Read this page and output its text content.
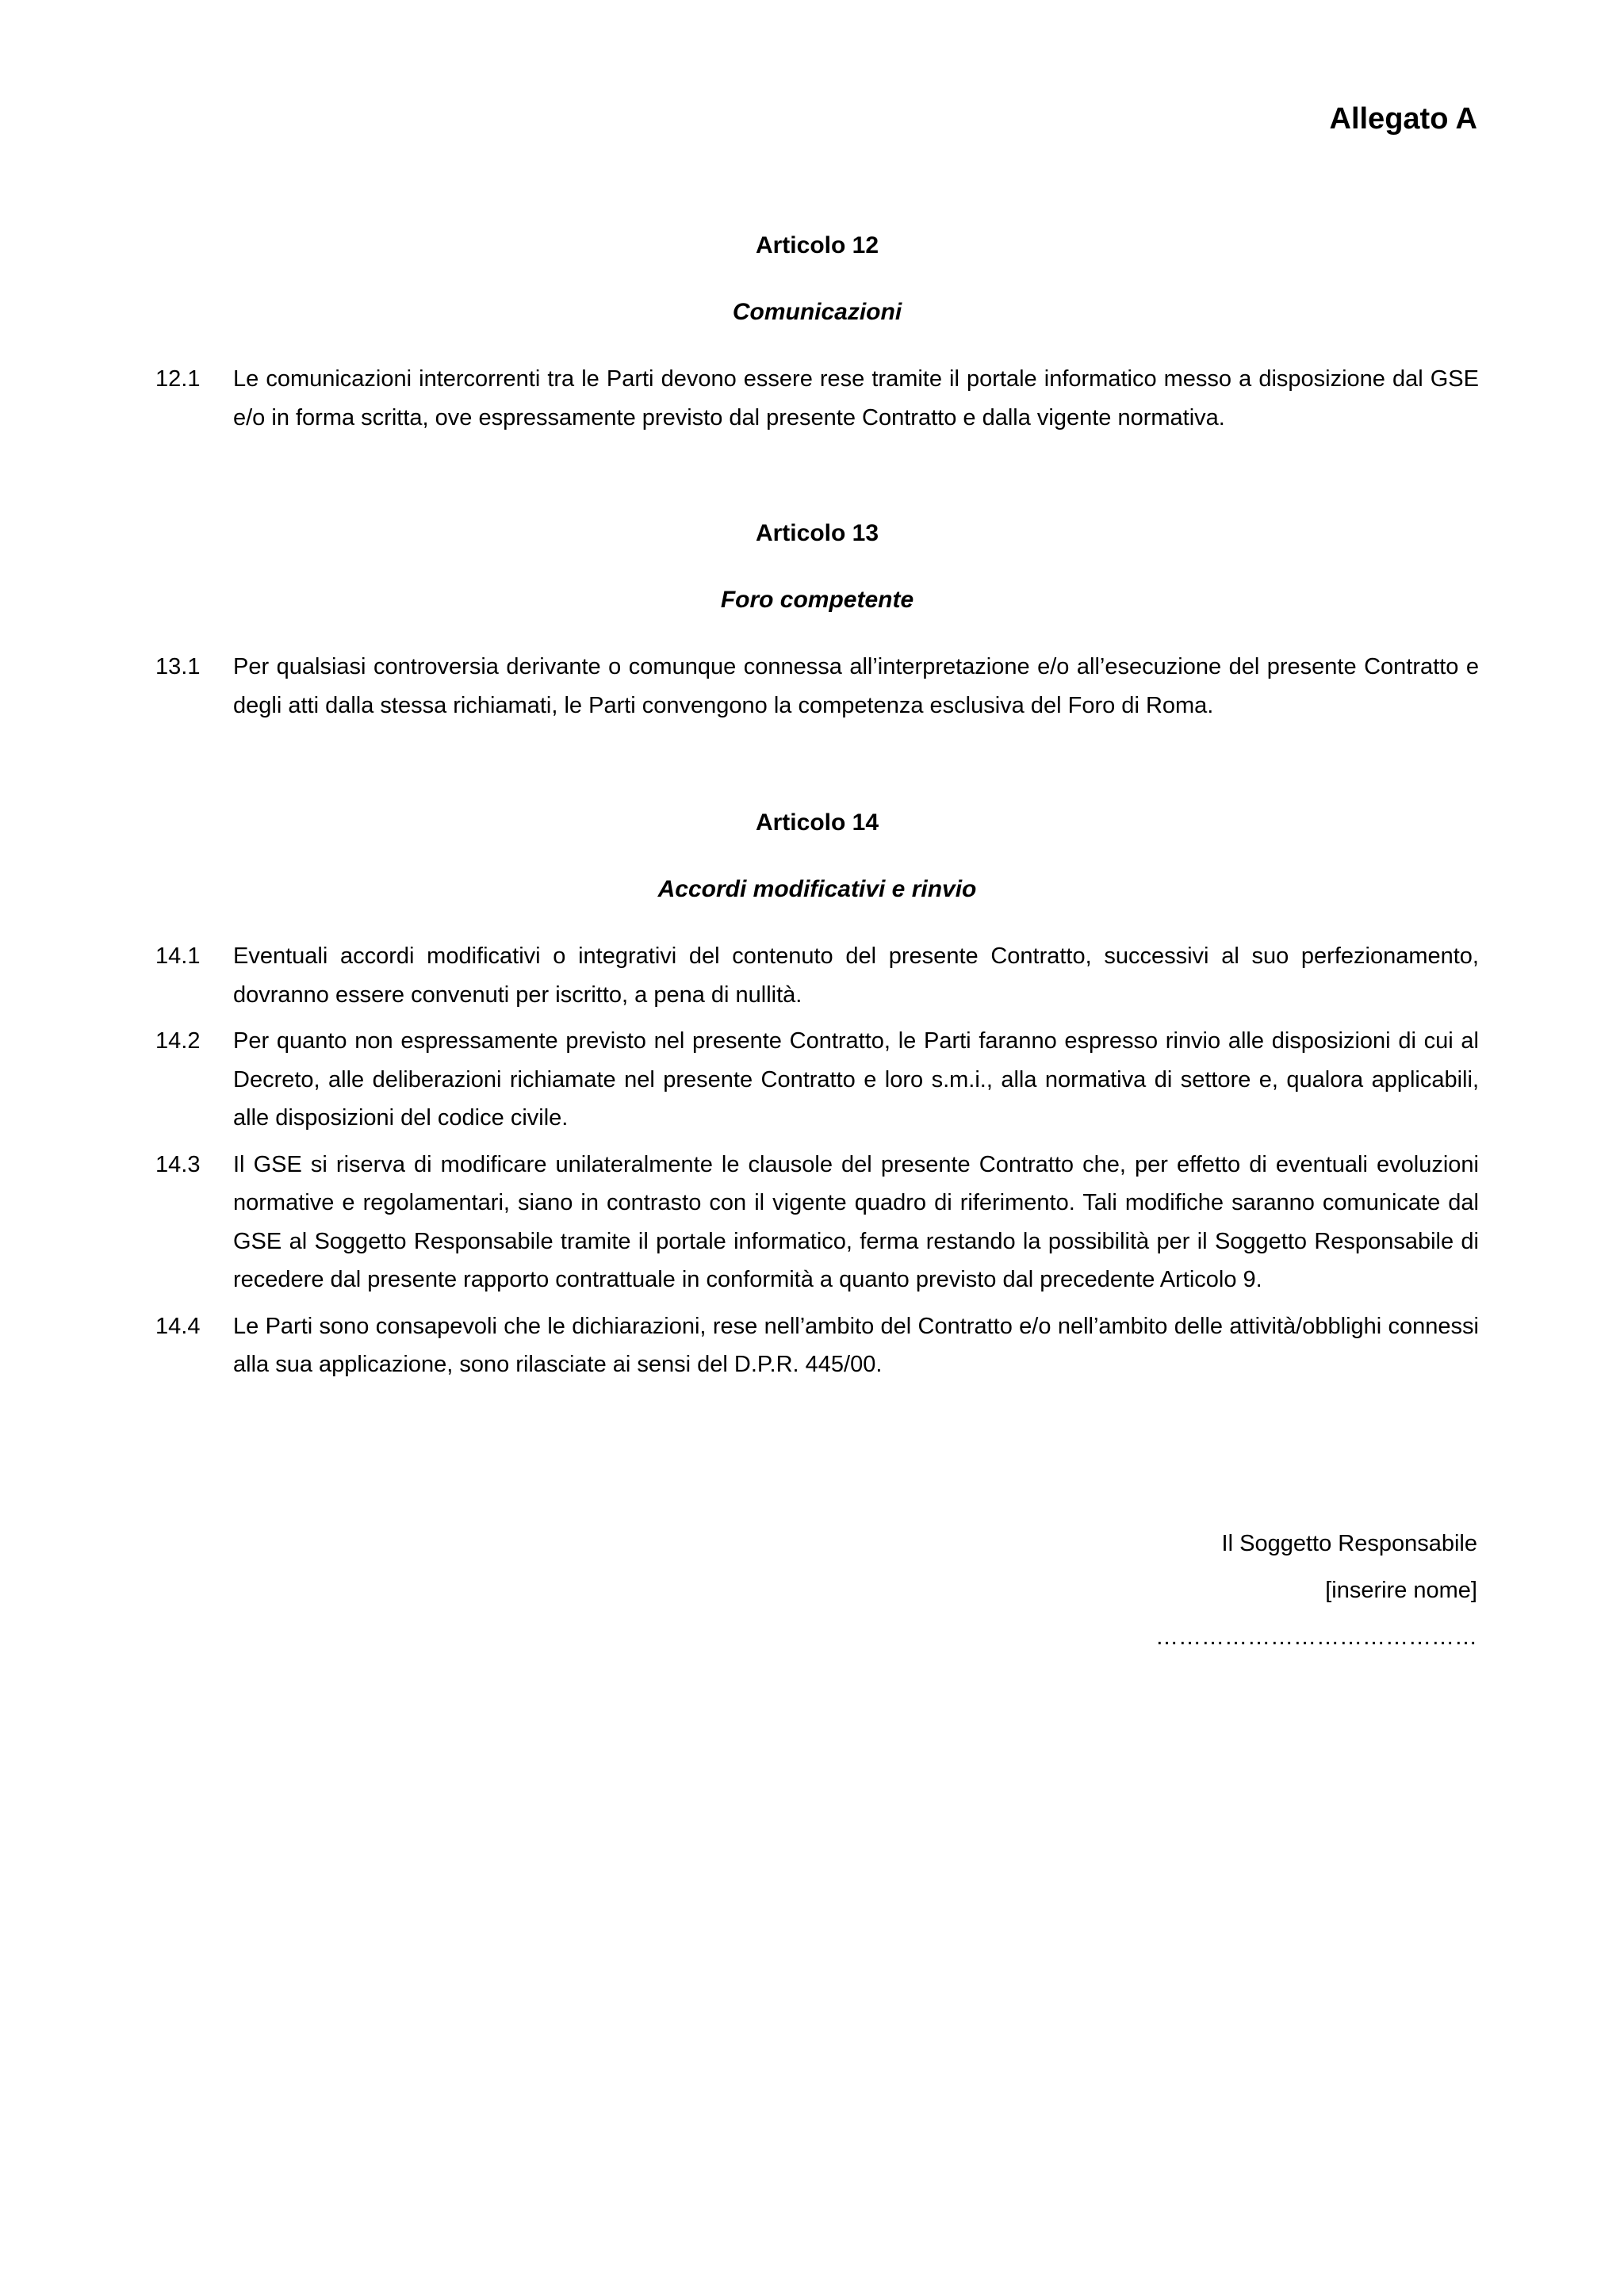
Allegato A

Articolo 12

Comunicazioni

12.1	Le comunicazioni intercorrenti tra le Parti devono essere rese tramite il portale informatico messo a disposizione dal GSE e/o in forma scritta, ove espressamente previsto dal presente Contratto e dalla vigente normativa.

Articolo 13

Foro competente

13.1	Per qualsiasi controversia derivante o comunque connessa all’interpretazione e/o all’esecuzione del presente Contratto e degli atti dalla stessa richiamati, le Parti convengono la competenza esclusiva del Foro di Roma.

Articolo 14

Accordi modificativi e rinvio

14.1	Eventuali accordi modificativi o integrativi del contenuto del presente Contratto, successivi al suo perfezionamento, dovranno essere convenuti per iscritto, a pena di nullità.
14.2	Per quanto non espressamente previsto nel presente Contratto, le Parti faranno espresso rinvio alle disposizioni di cui al Decreto, alle deliberazioni richiamate nel presente Contratto e loro s.m.i., alla normativa di settore e, qualora applicabili, alle disposizioni del codice civile.
14.3	Il GSE si riserva di modificare unilateralmente le clausole del presente Contratto che, per effetto di eventuali evoluzioni normative e regolamentari, siano in contrasto con il vigente quadro di riferimento. Tali modifiche saranno comunicate dal GSE al Soggetto Responsabile tramite il portale informatico, ferma restando la possibilità per il Soggetto Responsabile di recedere dal presente rapporto contrattuale in conformità a quanto previsto dal precedente Articolo 9.
14.4	Le Parti sono consapevoli che le dichiarazioni, rese nell’ambito del Contratto e/o nell’ambito delle attività/obblighi connessi alla sua applicazione, sono rilasciate ai sensi del D.P.R. 445/00.
Il Soggetto Responsabile
[inserire nome]
……………………………………
